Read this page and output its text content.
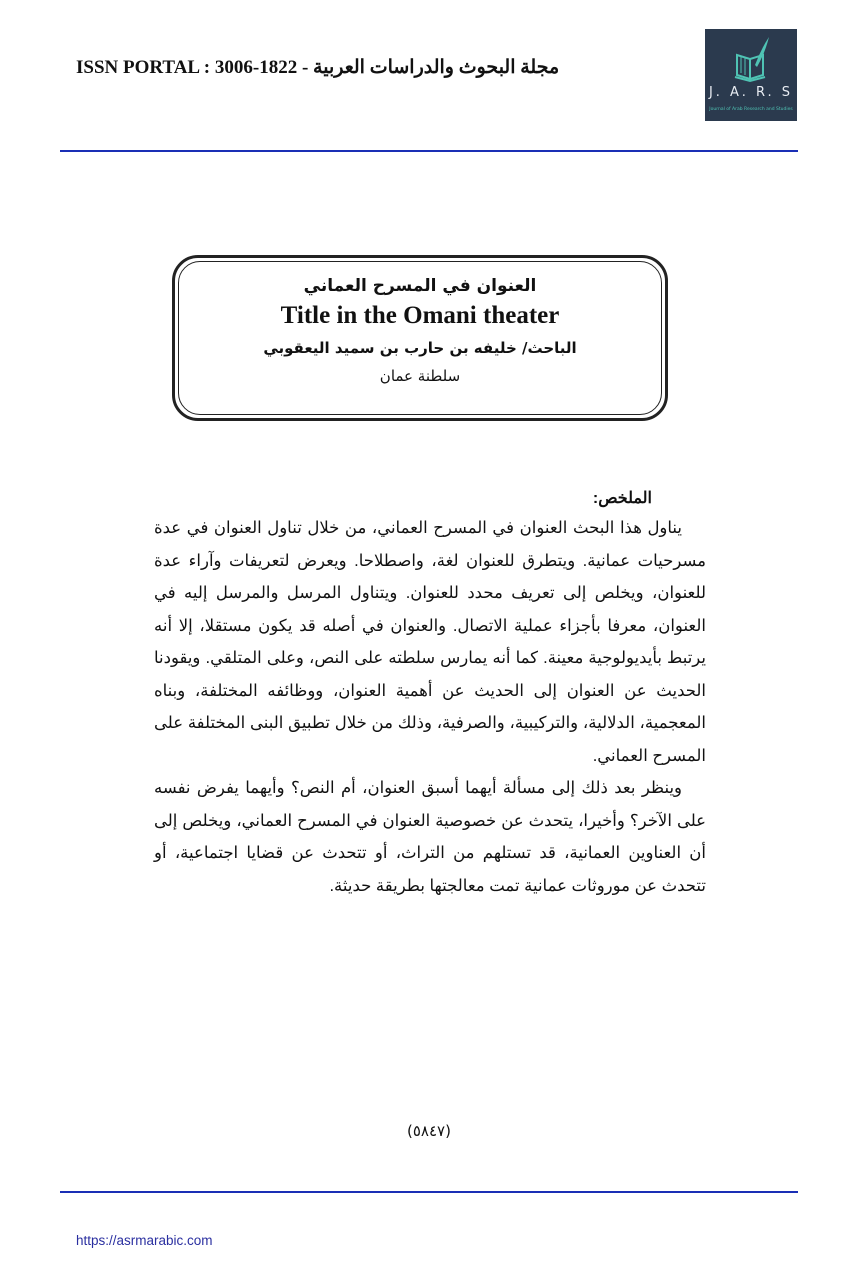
ISSN PORTAL : 3006-1822 - مجلة البحوث والدراسات العربية
J. A. R. S
Journal of Arab Research and Studies
العنوان في المسرح العماني
Title in the Omani theater
الباحث/ خليفه بن حارب بن سميد اليعقوبي
سلطنة عمان
الملخص:

يناول هذا البحث العنوان في المسرح العماني، من خلال تناول العنوان في عدة مسرحيات عمانية. ويتطرق للعنوان لغة، واصطلاحا. ويعرض لتعريفات وآراء عدة للعنوان، ويخلص إلى تعريف محدد للعنوان. ويتناول المرسل والمرسل إليه في العنوان، معرفا بأجزاء عملية الاتصال. والعنوان في أصله قد يكون مستقلا، إلا أنه يرتبط بأيديولوجية معينة. كما أنه يمارس سلطته على النص، وعلى المتلقي. ويقودنا الحديث عن العنوان إلى الحديث عن أهمية العنوان، ووظائفه المختلفة، وبناه المعجمية، الدلالية، والتركيبية، والصرفية، وذلك من خلال تطبيق البنى المختلفة على المسرح العماني.

وينظر بعد ذلك إلى مسألة أيهما أسبق العنوان، أم النص؟ وأيهما يفرض نفسه على الآخر؟ وأخيرا، يتحدث عن خصوصية العنوان في المسرح العماني، ويخلص إلى أن العناوين العمانية، قد تستلهم من التراث، أو تتحدث عن قضايا اجتماعية، أو تتحدث عن موروثات عمانية تمت معالجتها بطريقة حديثة.

(٥٨٤٧)
https://asrmarabic.com
